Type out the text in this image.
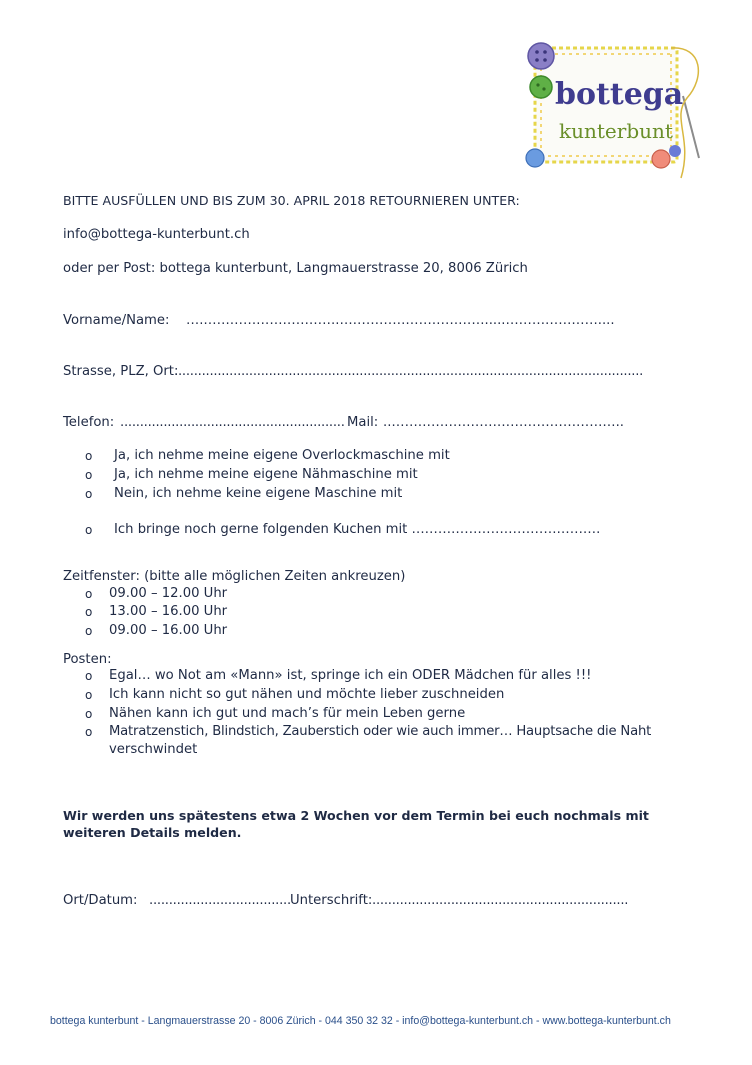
bottega
kunterbunt
BITTE AUSFÜLLEN UND BIS ZUM 30. APRIL 2018 RETOURNIEREN UNTER:
info@bottega-kunterbunt.ch
oder per Post: bottega kunterbunt, Langmauerstrasse 20, 8006 Zürich
Vorname/Name: ….………………………….…………………………….....…………………....
Strasse, PLZ, Ort:
.......................................................................................................................
Telefon: ......................................................... Mail: ..……………………………………………..
o Ja, ich nehme meine eigene Overlockmaschine mit
o Ja, ich nehme meine eigene Nähmaschine mit
o Nein, ich nehme keine eigene Maschine mit
o Ich bringe noch gerne folgenden Kuchen mit …………………………………….
Zeitfenster: (bitte alle möglichen Zeiten ankreuzen)
o 09.00 – 12.00 Uhr
o 13.00 – 16.00 Uhr
o 09.00 – 16.00 Uhr
Posten:
o Egal… wo Not am «Mann» ist, springe ich ein ODER Mädchen für alles !!!
o Ich kann nicht so gut nähen und möchte lieber zuschneiden
o Nähen kann ich gut und mach’s für mein Leben gerne
o Matratzenstich, Blindstich, Zauberstich oder wie auch immer… Hauptsache die Naht
verschwindet
Wir werden uns spätestens etwa 2 Wochen vor dem Termin bei euch nochmals mit
weiteren Details melden.
Ort/Datum: .................................... Unterschrift: .................................................................
bottega kunterbunt - Langmauerstrasse 20 - 8006 Zürich - 044 350 32 32 - info@bottega-kunterbunt.ch - www.bottega-kunterbunt.ch
